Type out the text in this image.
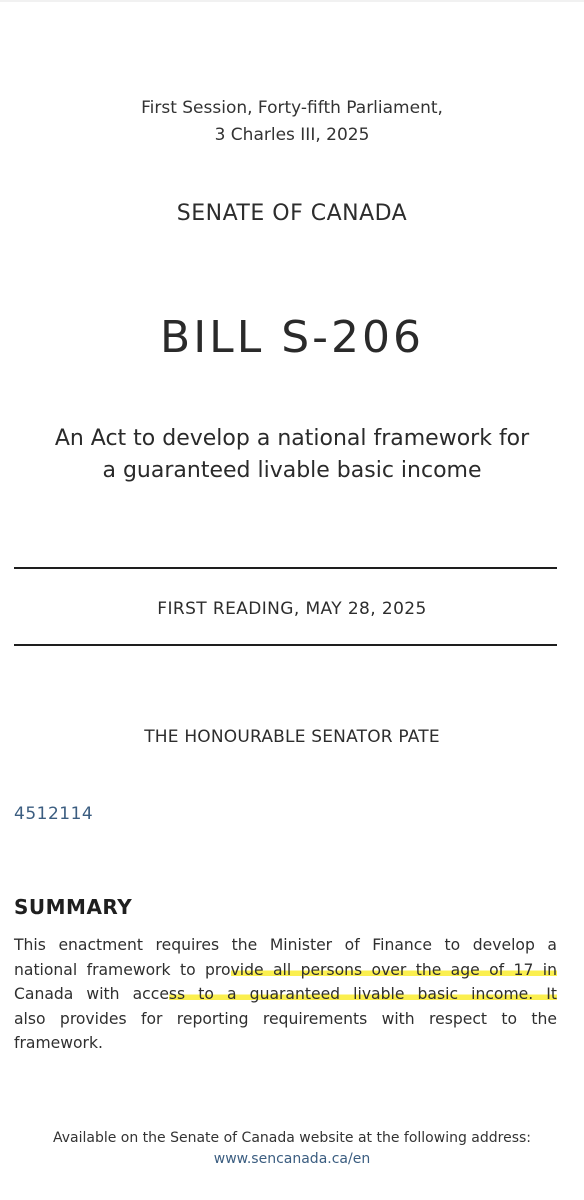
First Session, Forty-fifth Parliament,
3 Charles III, 2025
SENATE OF CANADA
BILL S-206
An Act to develop a national framework for
a guaranteed livable basic income
FIRST READING, MAY 28, 2025
THE HONOURABLE SENATOR PATE
4512114
SUMMARY
This enactment requires the Minister of Finance to develop a
national framework to provide all persons over the age of 17 in
Canada with access to a guaranteed livable basic income. It
also provides for reporting requirements with respect to the
framework.
Available on the Senate of Canada website at the following address:
www.sencanada.ca/en
